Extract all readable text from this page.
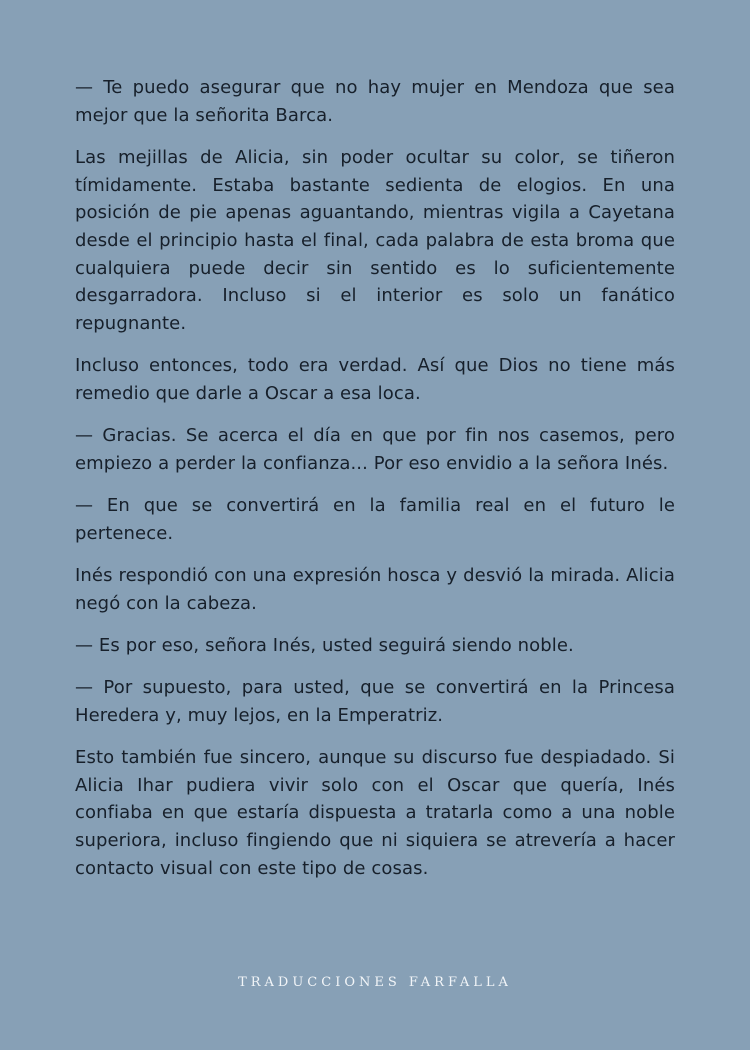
— Te puedo asegurar que no hay mujer en Mendoza que sea mejor que la señorita Barca.

Las mejillas de Alicia, sin poder ocultar su color, se tiñeron tímidamente. Estaba bastante sedienta de elogios. En una posición de pie apenas aguantando, mientras vigila a Cayetana desde el principio hasta el final, cada palabra de esta broma que cualquiera puede decir sin sentido es lo suficientemente desgarradora. Incluso si el interior es solo un fanático repugnante.

Incluso entonces, todo era verdad. Así que Dios no tiene más remedio que darle a Oscar a esa loca.

— Gracias. Se acerca el día en que por fin nos casemos, pero empiezo a perder la confianza... Por eso envidio a la señora Inés.

— En que se convertirá en la familia real en el futuro le pertenece.

Inés respondió con una expresión hosca y desvió la mirada. Alicia negó con la cabeza.

— Es por eso, señora Inés, usted seguirá siendo noble.

— Por supuesto, para usted, que se convertirá en la Princesa Heredera y, muy lejos, en la Emperatriz.

Esto también fue sincero, aunque su discurso fue despiadado. Si Alicia Ihar pudiera vivir solo con el Oscar que quería, Inés confiaba en que estaría dispuesta a tratarla como a una noble superiora, incluso fingiendo que ni siquiera se atrevería a hacer contacto visual con este tipo de cosas.

TRADUCCIONES FARFALLA
